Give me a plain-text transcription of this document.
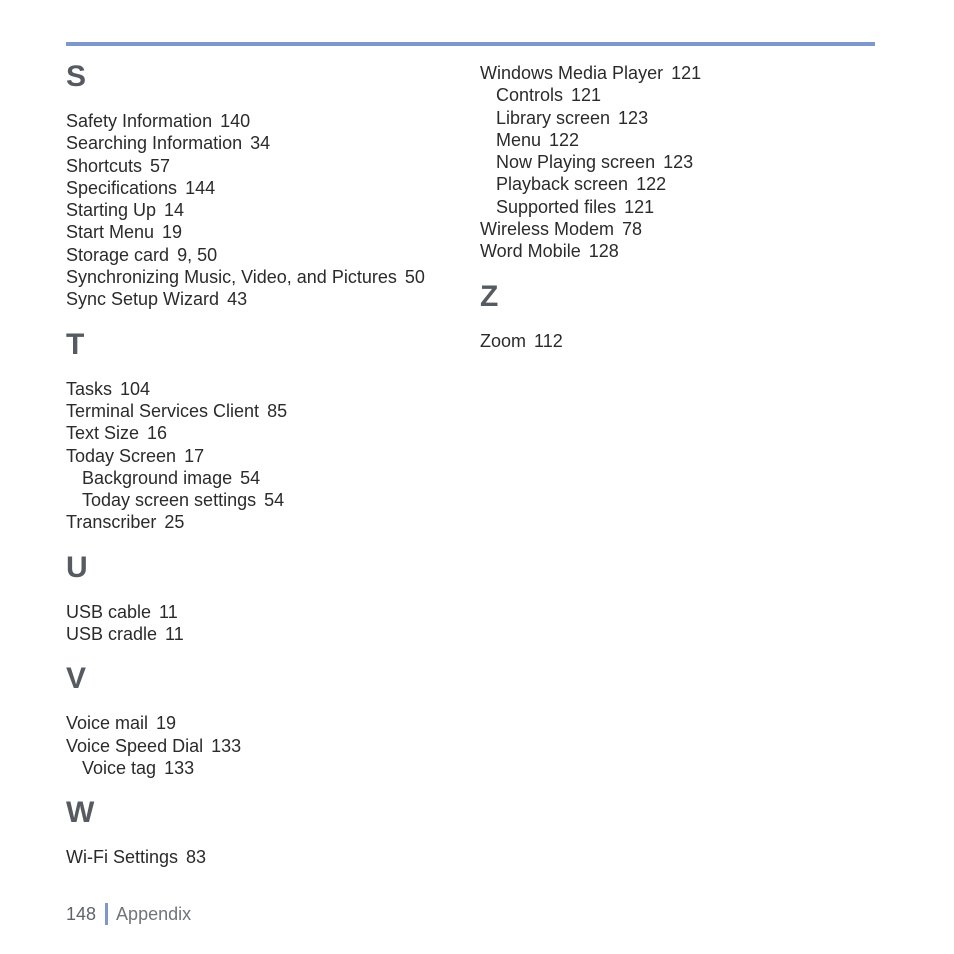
S
Safety Information 140
Searching Information 34
Shortcuts 57
Specifications 144
Starting Up 14
Start Menu 19
Storage card 9, 50
Synchronizing Music, Video, and Pictures 50
Sync Setup Wizard 43
T
Tasks 104
Terminal Services Client 85
Text Size 16
Today Screen 17
Background image 54
Today screen settings 54
Transcriber 25
U
USB cable 11
USB cradle 11
V
Voice mail 19
Voice Speed Dial 133
Voice tag 133
W
Wi-Fi Settings 83
Windows Media Player 121
Controls 121
Library screen 123
Menu 122
Now Playing screen 123
Playback screen 122
Supported files 121
Wireless Modem 78
Word Mobile 128
Z
Zoom 112
148 Appendix
